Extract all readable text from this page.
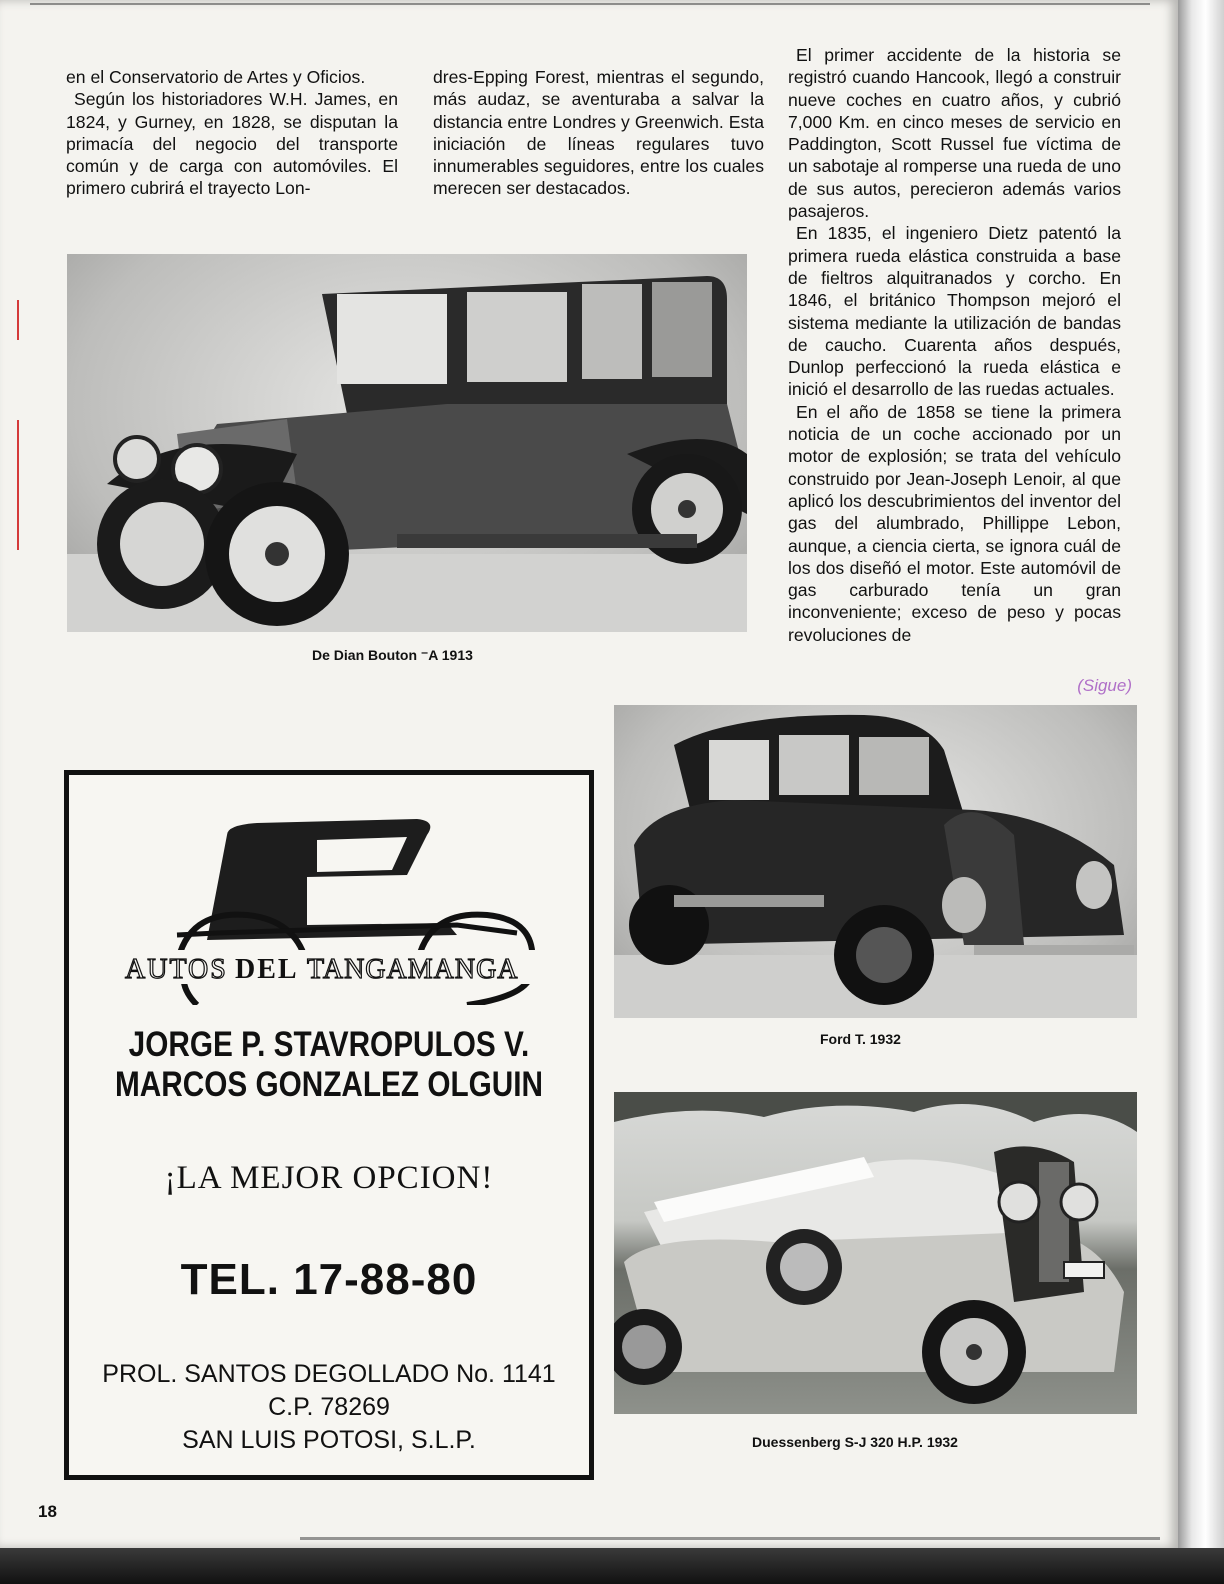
en el Conservatorio de Artes y Oficios.

Según los historiadores W.H. James, en 1824, y Gurney, en 1828, se disputan la primacía del negocio del transporte común y de carga con automóviles. El primero cubrirá el trayecto Lon-

dres-Epping Forest, mientras el segundo, más audaz, se aventuraba a salvar la distancia entre Londres y Greenwich. Esta iniciación de líneas regulares tuvo innumerables seguidores, entre los cuales merecen ser destacados.

El primer accidente de la historia se registró cuando Hancook, llegó a construir nueve coches en cuatro años, y cubrió 7,000 Km. en cinco meses de servicio en Paddington, Scott Russel fue víctima de un sabotaje al romperse una rueda de uno de sus autos, perecieron además varios pasajeros.

En 1835, el ingeniero Dietz patentó la primera rueda elástica construida a base de fieltros alquitranados y corcho. En 1846, el británico Thompson mejoró el sistema mediante la utilización de bandas de caucho. Cuarenta años después, Dunlop perfeccionó la rueda elástica e inició el desarrollo de las ruedas actuales.

En el año de 1858 se tiene la primera noticia de un coche accionado por un motor de explosión; se trata del vehículo construido por Jean-Joseph Lenoir, al que aplicó los descubrimientos del inventor del gas del alumbrado, Phillippe Lebon, aunque, a ciencia cierta, se ignora cuál de los dos diseñó el motor. Este automóvil de gas carburado tenía un gran inconveniente; exceso de peso y pocas revoluciones de

(Sigue)
De Dian Bouton ⁻A 1913
Ford T. 1932
Duessenberg S-J 320 H.P. 1932
AUTOS DEL TANGAMANGA
JORGE P. STAVROPULOS V.
MARCOS GONZALEZ OLGUIN
¡LA MEJOR OPCION!
TEL. 17-88-80
PROL. SANTOS DEGOLLADO No. 1141
C.P. 78269
SAN LUIS POTOSI, S.L.P.
18
